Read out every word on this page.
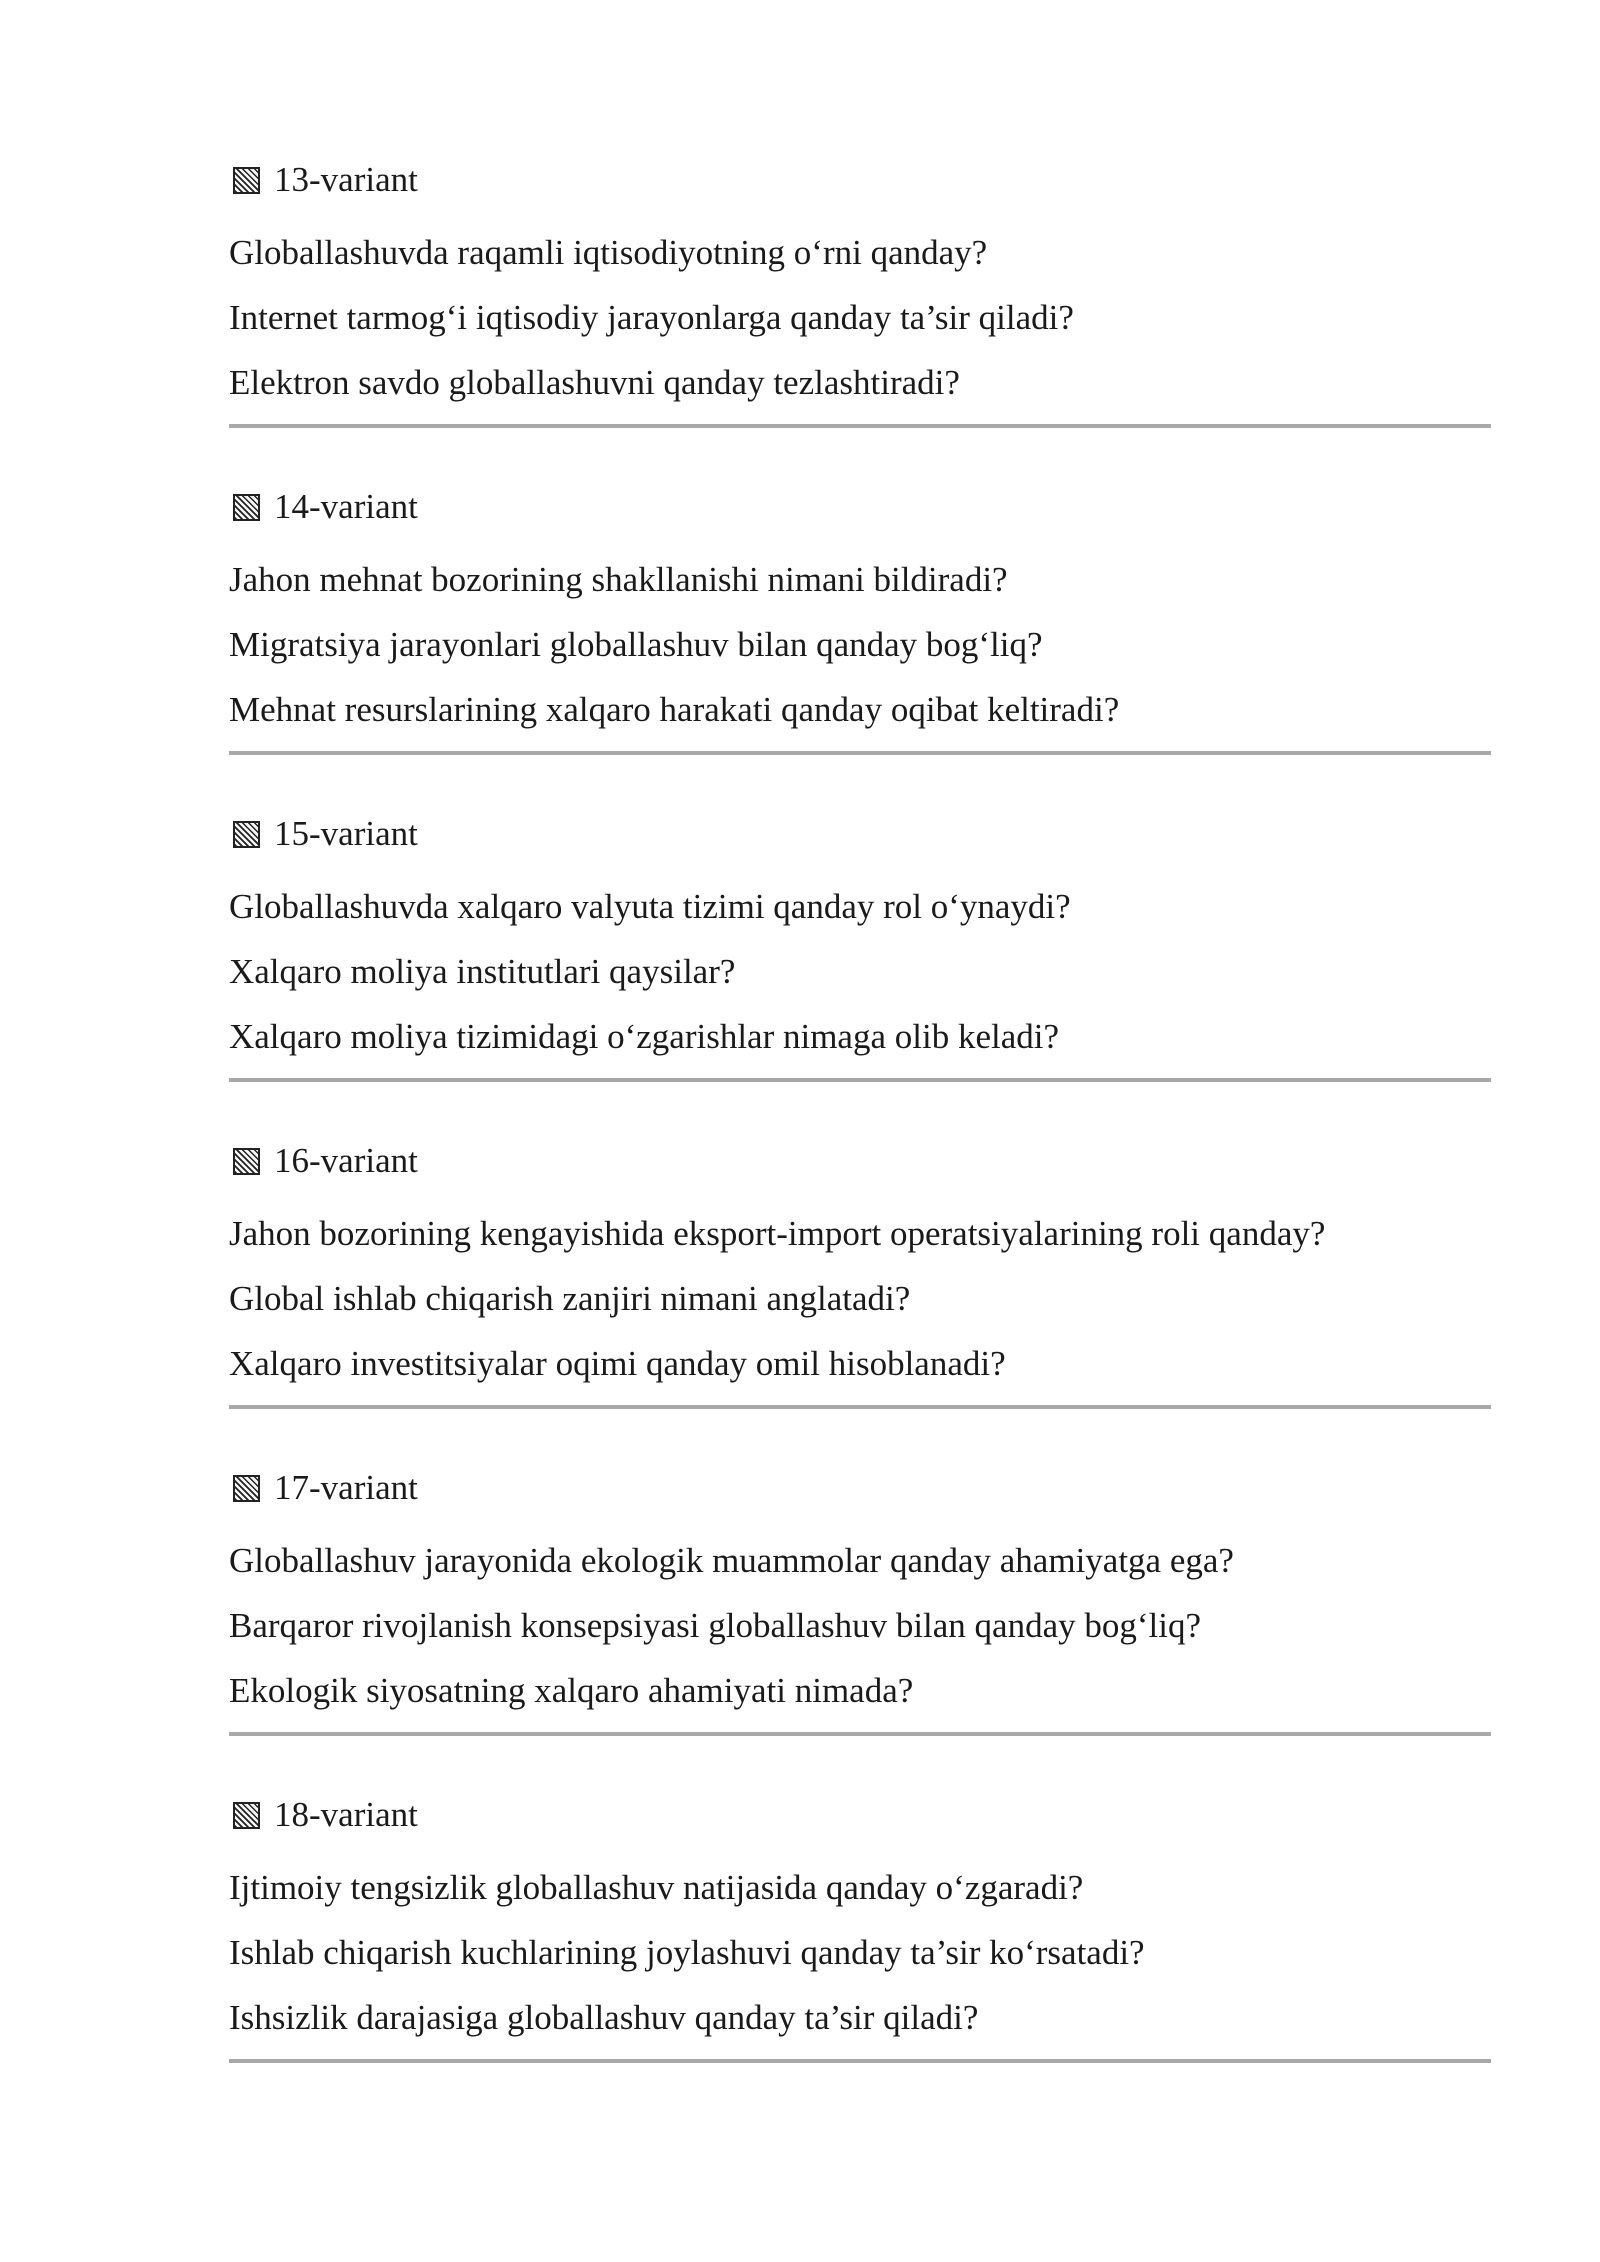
13-variant
Globallashuvda raqamli iqtisodiyotning o‘rni qanday?
Internet tarmog‘i iqtisodiy jarayonlarga qanday ta’sir qiladi?
Elektron savdo globallashuvni qanday tezlashtiradi?
14-variant
Jahon mehnat bozorining shakllanishi nimani bildiradi?
Migratsiya jarayonlari globallashuv bilan qanday bog‘liq?
Mehnat resurslarining xalqaro harakati qanday oqibat keltiradi?
15-variant
Globallashuvda xalqaro valyuta tizimi qanday rol o‘ynaydi?
Xalqaro moliya institutlari qaysilar?
Xalqaro moliya tizimidagi o‘zgarishlar nimaga olib keladi?
16-variant
Jahon bozorining kengayishida eksport-import operatsiyalarining roli qanday?
Global ishlab chiqarish zanjiri nimani anglatadi?
Xalqaro investitsiyalar oqimi qanday omil hisoblanadi?
17-variant
Globallashuv jarayonida ekologik muammolar qanday ahamiyatga ega?
Barqaror rivojlanish konsepsiyasi globallashuv bilan qanday bog‘liq?
Ekologik siyosatning xalqaro ahamiyati nimada?
18-variant
Ijtimoiy tengsizlik globallashuv natijasida qanday o‘zgaradi?
Ishlab chiqarish kuchlarining joylashuvi qanday ta’sir ko‘rsatadi?
Ishsizlik darajasiga globallashuv qanday ta’sir qiladi?
